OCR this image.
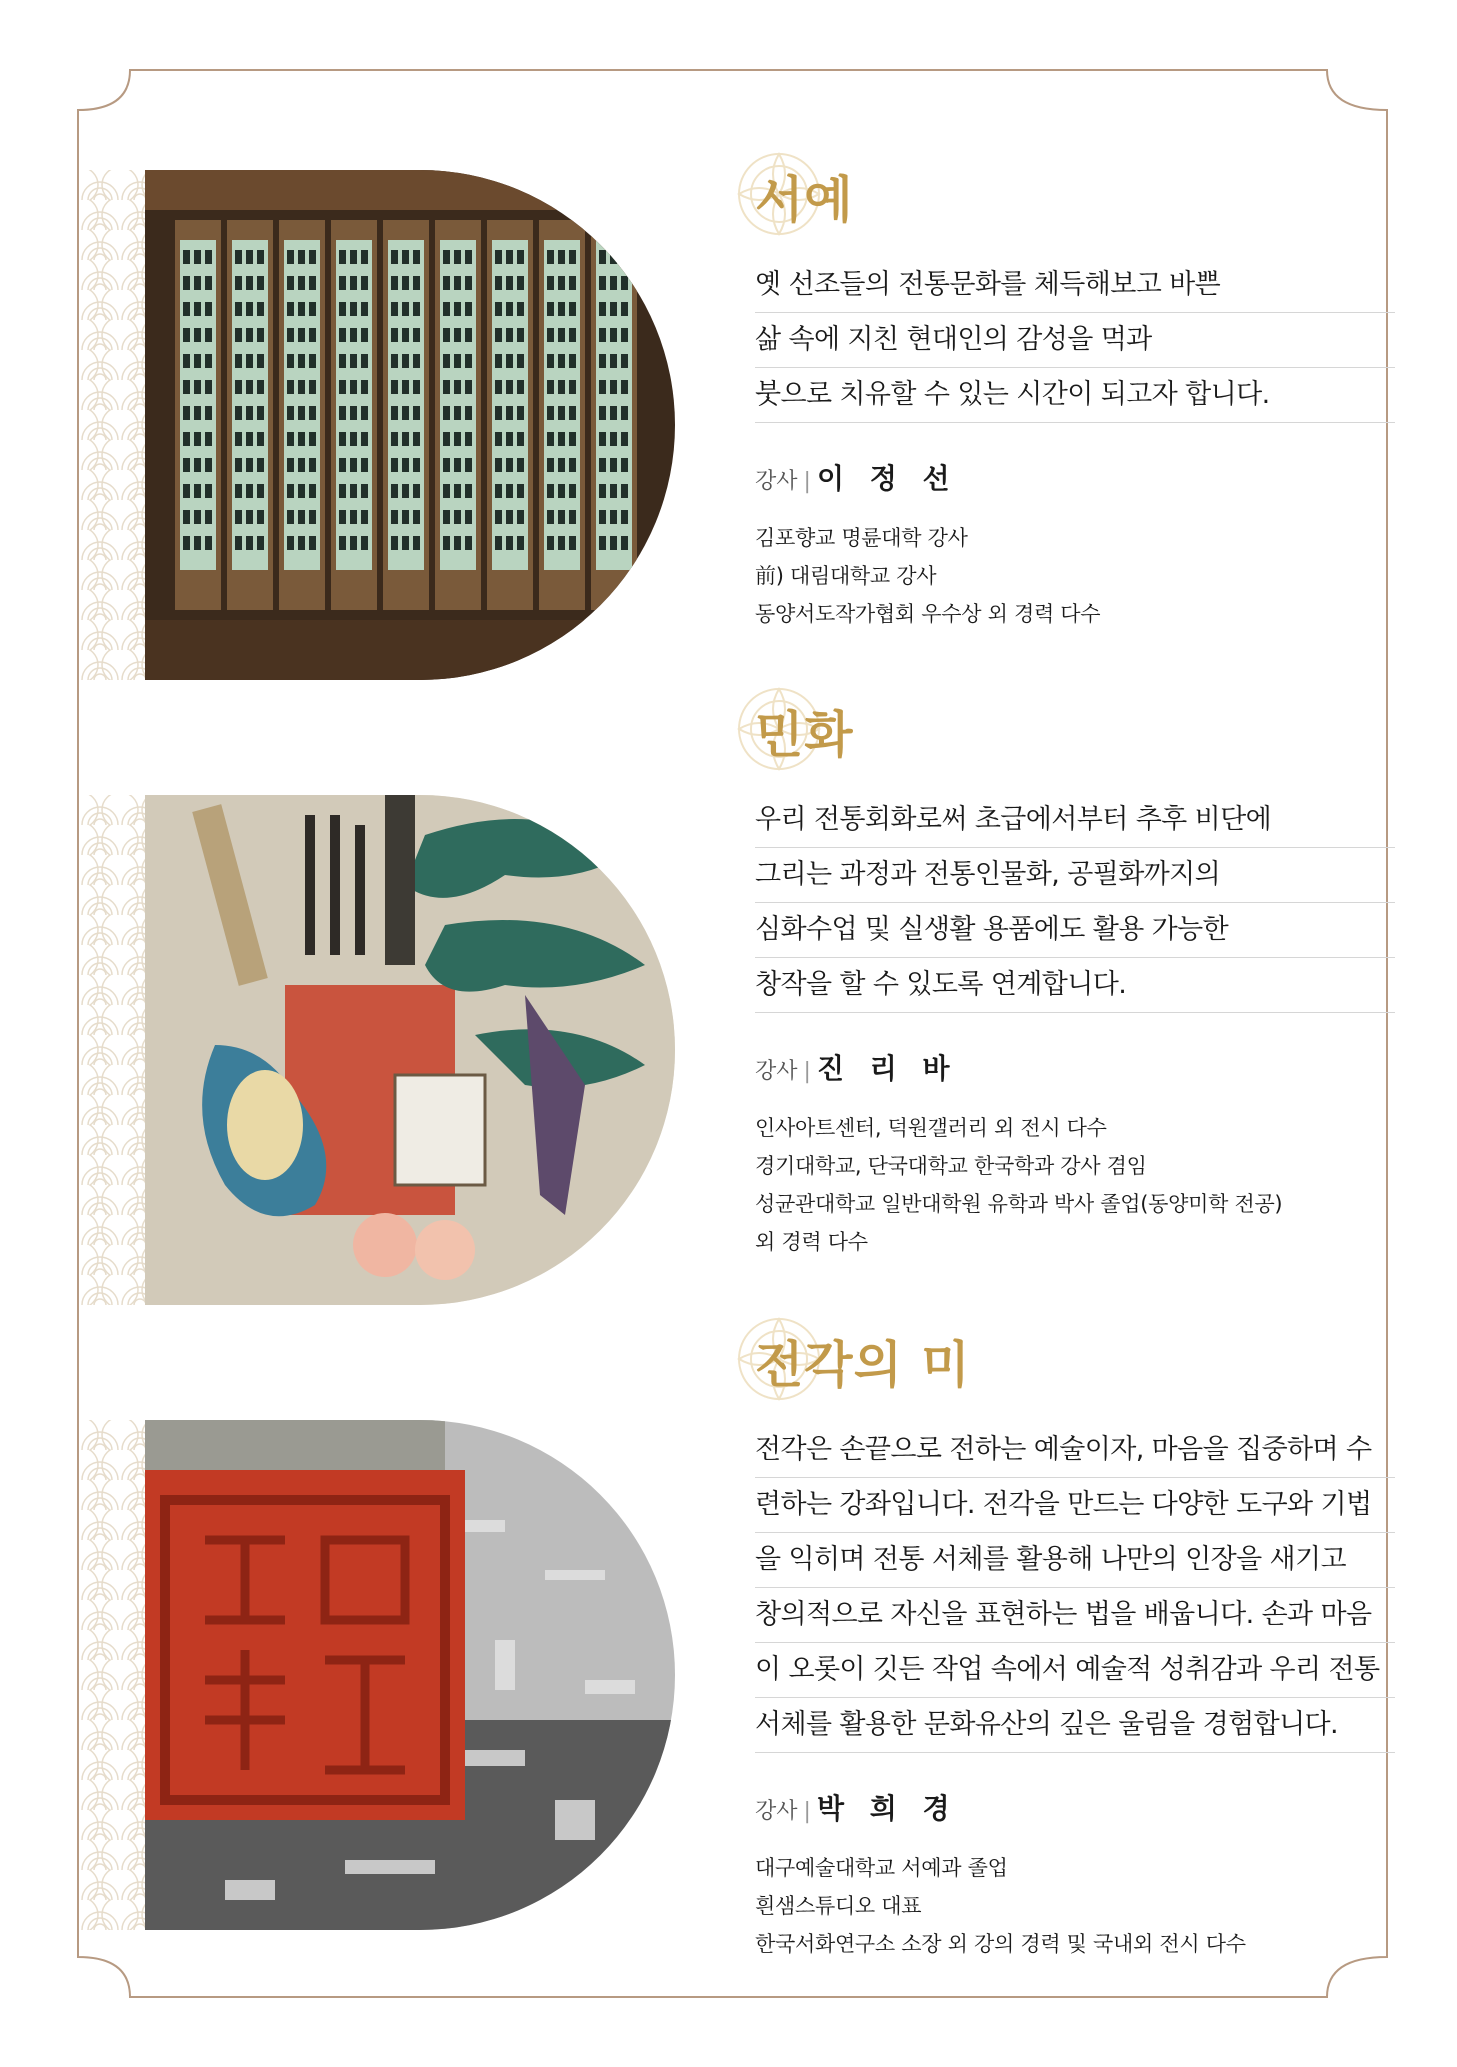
서예
옛 선조들의 전통문화를 체득해보고 바쁜
삶 속에 지친 현대인의 감성을 먹과
붓으로 치유할 수 있는 시간이 되고자 합니다.
강사 | 이 정 선
김포향교 명륜대학 강사
前) 대림대학교 강사
동양서도작가협회 우수상 외 경력 다수
민화
우리 전통회화로써 초급에서부터 추후 비단에
그리는 과정과 전통인물화, 공필화까지의
심화수업 및 실생활 용품에도 활용 가능한
창작을 할 수 있도록 연계합니다.
강사 | 진 리 바
인사아트센터, 덕원갤러리 외 전시 다수
경기대학교, 단국대학교 한국학과 강사 겸임
성균관대학교 일반대학원 유학과 박사 졸업(동양미학 전공)
외 경력 다수
전각의 미
전각은 손끝으로 전하는 예술이자, 마음을 집중하며 수
련하는 강좌입니다. 전각을 만드는 다양한 도구와 기법
을 익히며 전통 서체를 활용해 나만의 인장을 새기고
창의적으로 자신을 표현하는 법을 배웁니다. 손과 마음
이 오롯이 깃든 작업 속에서 예술적 성취감과 우리 전통
서체를 활용한 문화유산의 깊은 울림을 경험합니다.
강사 | 박 희 경
대구예술대학교 서예과 졸업
흰샘스튜디오 대표
한국서화연구소 소장 외 강의 경력 및 국내외 전시 다수
